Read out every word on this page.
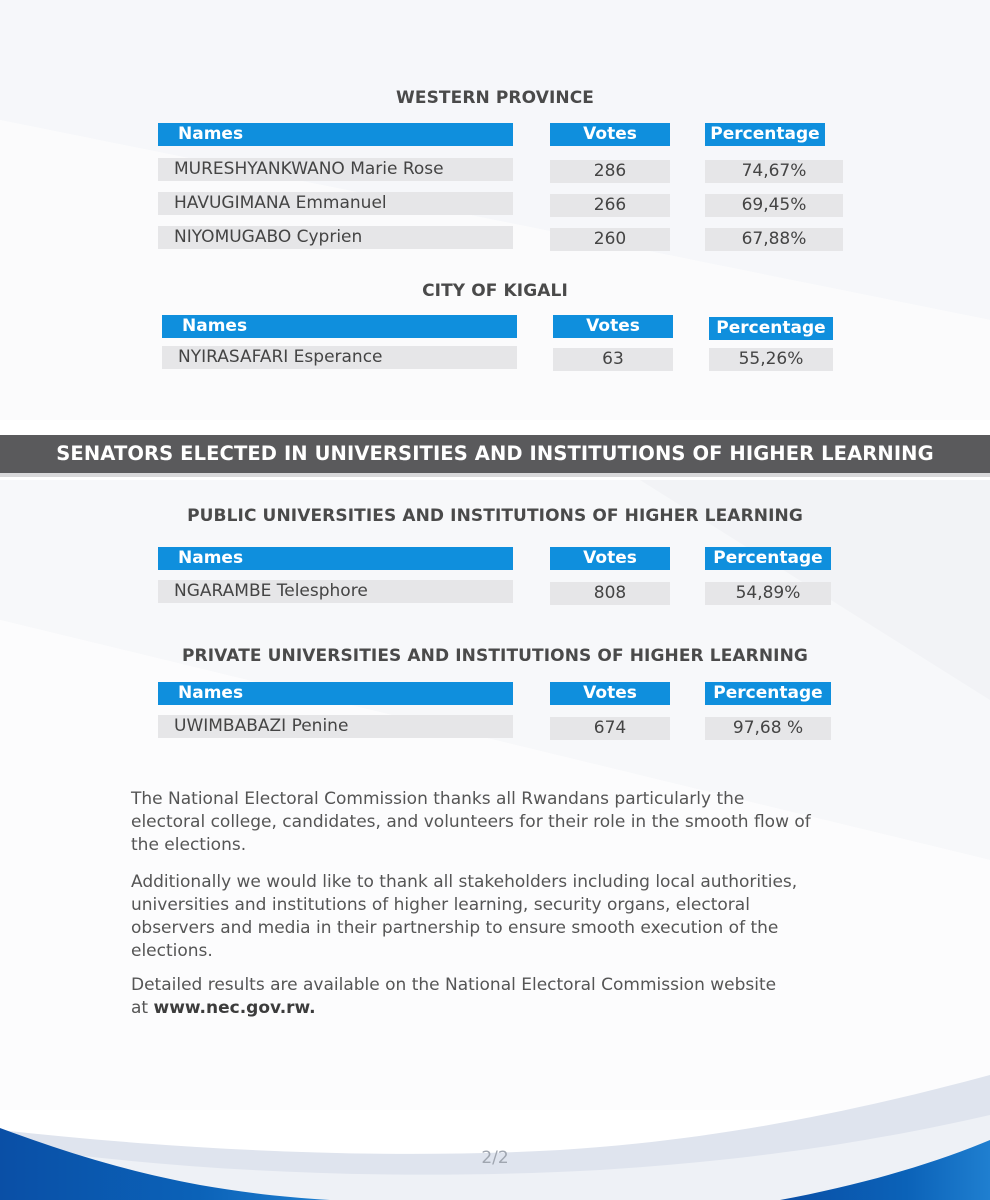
WESTERN PROVINCE
Names	Votes	Percentage
MURESHYANKWANO Marie Rose	286	74,67%
HAVUGIMANA Emmanuel	266	69,45%
NIYOMUGABO Cyprien	260	67,88%
CITY OF KIGALI
Names	Votes	Percentage
NYIRASAFARI Esperance	63	55,26%
SENATORS ELECTED IN UNIVERSITIES AND INSTITUTIONS OF HIGHER LEARNING
PUBLIC UNIVERSITIES AND INSTITUTIONS OF HIGHER LEARNING
Names	Votes	Percentage
NGARAMBE Telesphore	808	54,89%
PRIVATE UNIVERSITIES AND INSTITUTIONS OF HIGHER LEARNING
Names	Votes	Percentage
UWIMBABAZI Penine	674	97,68 %
The National Electoral Commission thanks all Rwandans particularly the
electoral college, candidates, and volunteers for their role in the smooth flow of
the elections.
Additionally we would like to thank all stakeholders including local authorities,
universities and institutions of higher learning, security organs, electoral
observers and media in their partnership to ensure smooth execution of the
elections.
Detailed results are available on the National Electoral Commission website
at www.nec.gov.rw.
2/2
